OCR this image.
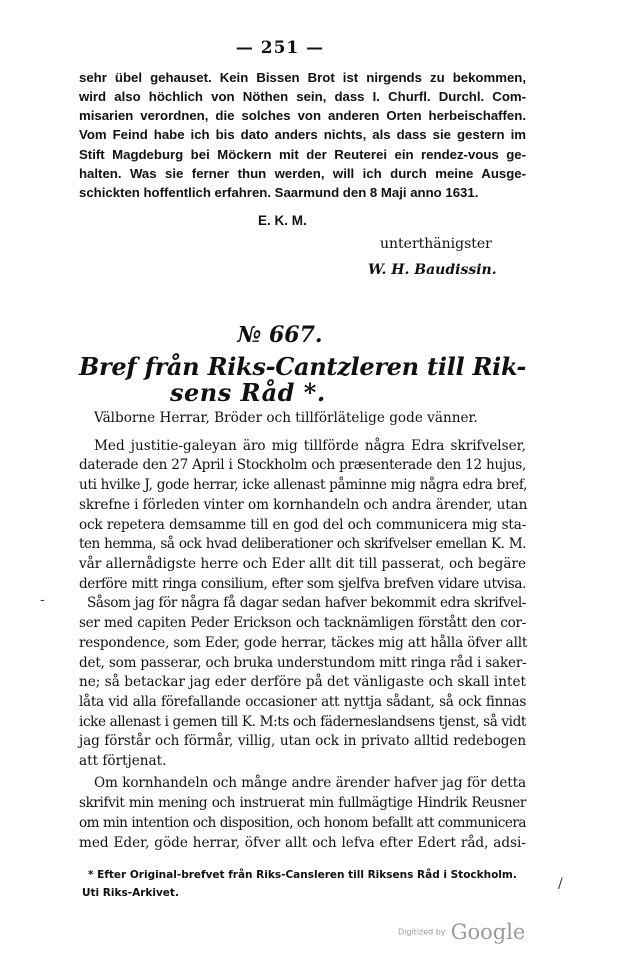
— 251 —
sehr übel gehauset. Kein Bissen Brot ist nirgends zu bekommen,
wird also höchlich von Nöthen sein, dass I. Churfl. Durchl. Com-
misarien verordnen, die solches von anderen Orten herbeischaffen.
Vom Feind habe ich bis dato anders nichts, als dass sie gestern im
Stift Magdeburg bei Möckern mit der Reuterei ein rendez-vous ge-
halten. Was sie ferner thun werden, will ich durch meine Ausge-
schickten hoffentlich erfahren. Saarmund den 8 Maji anno 1631.
E. K. M.
unterthänigster
W. H. Baudissin.
№ 667.
Bref från Riks-Cantzleren till Rik-
sens Råd *.
Välborne Herrar, Bröder och tillförlätelige gode vänner.
Med justitie-galeyan äro mig tillförde några Edra skrifvelser,
daterade den 27 April i Stockholm och præsenterade den 12 hujus,
uti hvilke J, gode herrar, icke allenast påminne mig några edra bref,
skrefne i förleden vinter om kornhandeln och andra ärender, utan
ock repetera demsamme till en god del och communicera mig sta-
ten hemma, så ock hvad deliberationer och skrifvelser emellan K. M.
vår allernådigste herre och Eder allt dit till passerat, och begäre
derföre mitt ringa consilium, efter som sjelfva brefven vidare utvisa.
Såsom jag för några få dagar sedan hafver bekommit edra skrifvel-
ser med capiten Peder Erickson och tacknämligen förstått den cor-
respondence, som Eder, gode herrar, täckes mig att hålla öfver allt
det, som passerar, och bruka understundom mitt ringa råd i saker-
ne; så betackar jag eder derföre på det vänligaste och skall intet
låta vid alla förefallande occasioner att nyttja sådant, så ock finnas
icke allenast i gemen till K. M:ts och fäderneslandsens tjenst, så vidt
jag förstår och förmår, villig, utan ock in privato alltid redebogen
att förtjenat.
Om kornhandeln och månge andre ärender hafver jag för detta
skrifvit min mening och instruerat min fullmägtige Hindrik Reusner
om min intention och disposition, och honom befallt att communicera
med Eder, göde herrar, öfver allt och lefva efter Edert råd, adsi-
* Efter Original-brefvet från Riks-Cansleren till Riksens Råd i Stockholm.
Uti Riks-Arkivet.
-
/
Digitized by Google
